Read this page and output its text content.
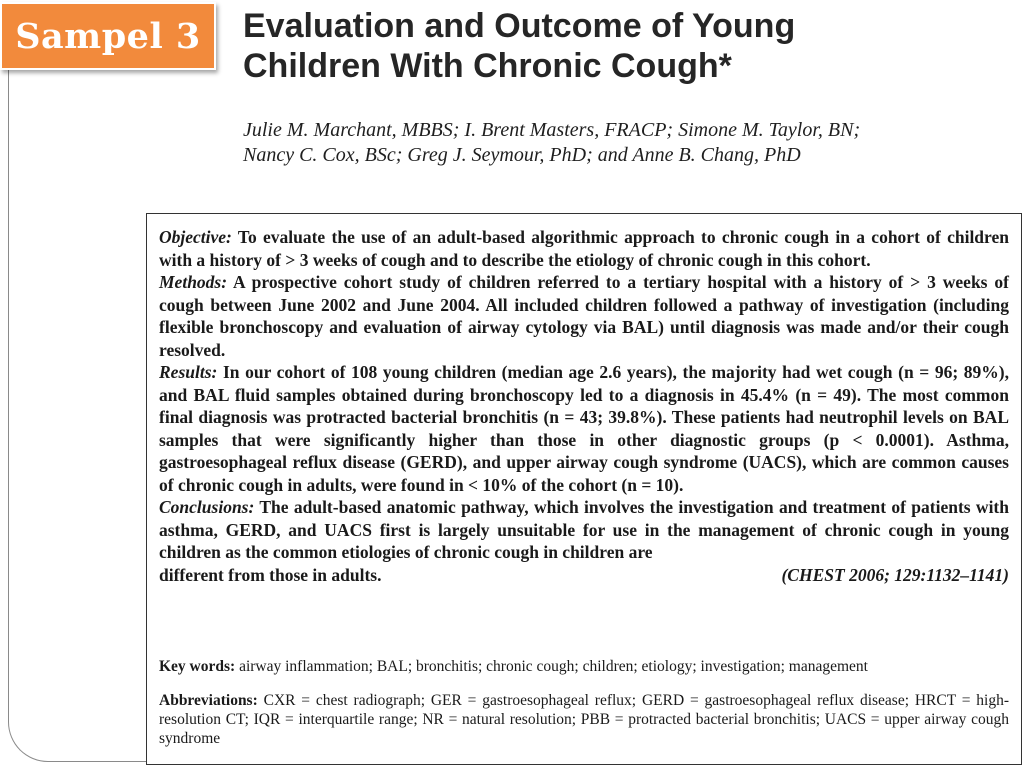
Sampel 3	Evaluation and Outcome of Young
Children With Chronic Cough*

Julie M. Marchant, MBBS; I. Brent Masters, FRACP; Simone M. Taylor, BN;
Nancy C. Cox, BSc; Greg J. Seymour, PhD; and Anne B. Chang, PhD

Objective: To evaluate the use of an adult-based algorithmic approach to chronic cough in a cohort of children with a history of > 3 weeks of cough and to describe the etiology of chronic cough in this cohort.

Methods: A prospective cohort study of children referred to a tertiary hospital with a history of > 3 weeks of cough between June 2002 and June 2004. All included children followed a pathway of investigation (including flexible bronchoscopy and evaluation of airway cytology via BAL) until diagnosis was made and/or their cough resolved.

Results: In our cohort of 108 young children (median age 2.6 years), the majority had wet cough (n = 96; 89%), and BAL fluid samples obtained during bronchoscopy led to a diagnosis in 45.4% (n = 49). The most common final diagnosis was protracted bacterial bronchitis (n = 43; 39.8%). These patients had neutrophil levels on BAL samples that were significantly higher than those in other diagnostic groups (p < 0.0001). Asthma, gastroesophageal reflux disease (GERD), and upper airway cough syndrome (UACS), which are common causes of chronic cough in adults, were found in < 10% of the cohort (n = 10).

Conclusions: The adult-based anatomic pathway, which involves the investigation and treatment of patients with asthma, GERD, and UACS first is largely unsuitable for use in the management of chronic cough in young children as the common etiologies of chronic cough in children are

different from those in adults.	(CHEST 2006; 129:1132–1141)

Key words: airway inflammation; BAL; bronchitis; chronic cough; children; etiology; investigation; management

Abbreviations: CXR = chest radiograph; GER = gastroesophageal reflux; GERD = gastroesophageal reflux disease; HRCT = high-resolution CT; IQR = interquartile range; NR = natural resolution; PBB = protracted bacterial bronchitis; UACS = upper airway cough syndrome
